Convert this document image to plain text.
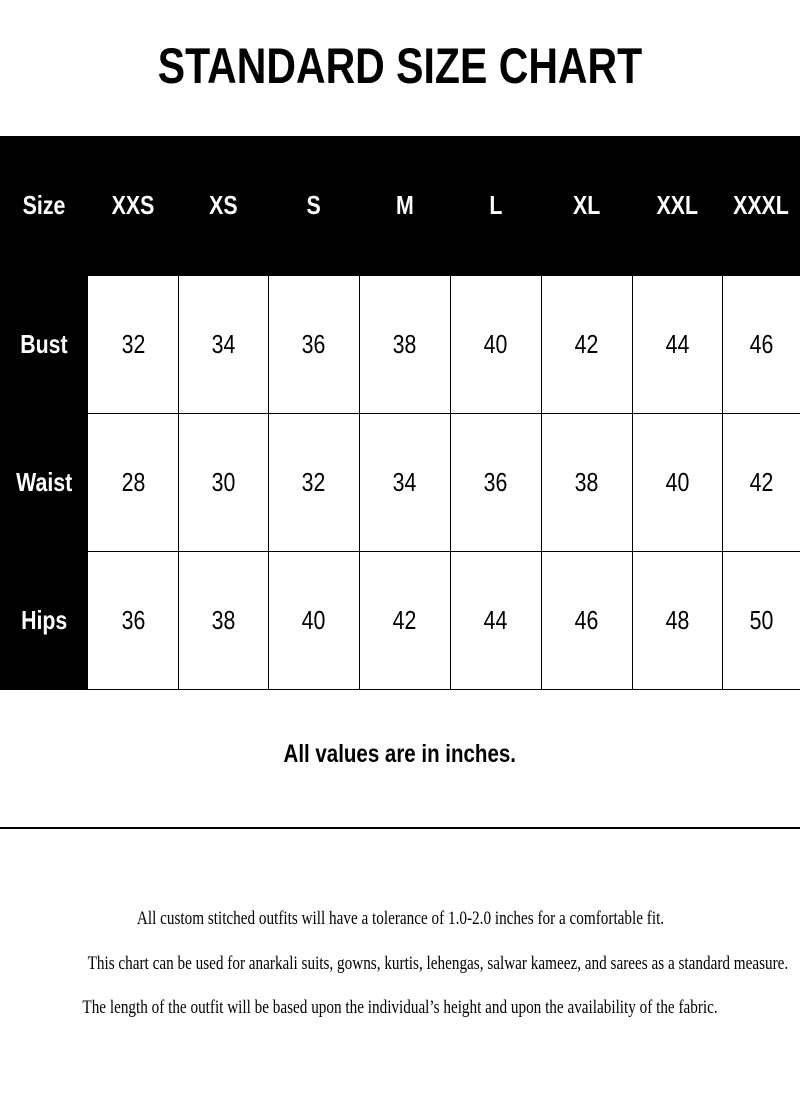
STANDARD SIZE CHART
Size XXS XS	S	M	L	XL XXL XXXL
Bust 32	34	36	38	40	42	44 46
Waist 28	30	32	34	36	38	40 42
Hips 36	38	40	42	44	46	48 50
All values are in inches.
All custom stitched outfits will have a tolerance of 1.0-2.0 inches for a comfortable fit.
This chart can be used for anarkali suits, gowns, kurtis, lehengas, salwar kameez, and sarees as a standard measure.
The length of the outfit will be based upon the individual’s height and upon the availability of the fabric.
